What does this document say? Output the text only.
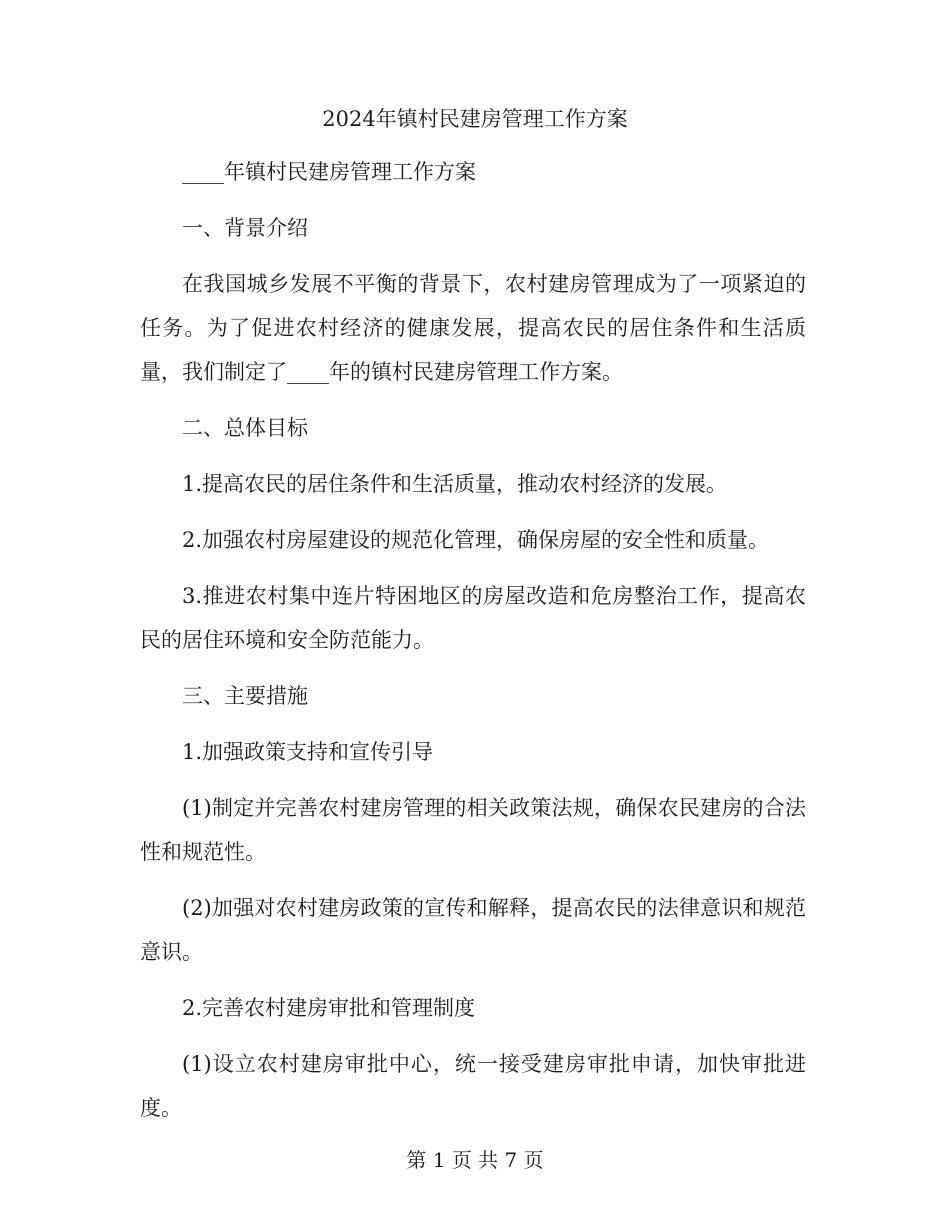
2024年镇村民建房管理工作方案

____年镇村民建房管理工作方案

一、背景介绍

在我国城乡发展不平衡的背景下，农村建房管理成为了一项紧迫的任务。为了促进农村经济的健康发展，提高农民的居住条件和生活质量，我们制定了____年的镇村民建房管理工作方案。

二、总体目标

1.提高农民的居住条件和生活质量，推动农村经济的发展。

2.加强农村房屋建设的规范化管理，确保房屋的安全性和质量。

3.推进农村集中连片特困地区的房屋改造和危房整治工作，提高农民的居住环境和安全防范能力。

三、主要措施

1.加强政策支持和宣传引导

(1)制定并完善农村建房管理的相关政策法规，确保农民建房的合法性和规范性。

(2)加强对农村建房政策的宣传和解释，提高农民的法律意识和规范意识。

2.完善农村建房审批和管理制度

(1)设立农村建房审批中心，统一接受建房审批申请，加快审批进度。

第 1 页 共 7 页
